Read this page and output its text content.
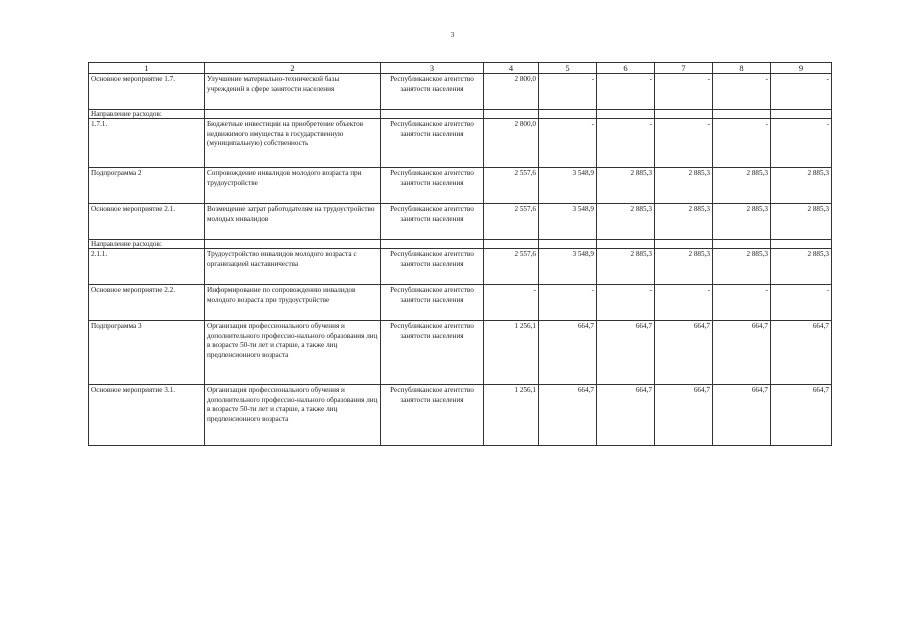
3
1	2	3	4	5	6	7	8	9
Основное мероприятие 1.7.	Улучшение материально-технической базы учреждений в сфере занятости населения	Республиканское агентство занятости населения	2 800,0	-	-	-	-	-
Направление расходов:								
1.7.1.	Бюджетные инвестиции на приобретение объектов недвижимого имущества в государственную (муниципальную) собственность	Республиканское агентство занятости населения	2 800,0	-	-	-	-	-
Подпрограмма 2	Сопровождение инвалидов молодого возраста при трудоустройстве	Республиканское агентство занятости населения	2 557,6	3 548,9	2 885,3	2 885,3	2 885,3	2 885,3
Основное мероприятие 2.1.	Возмещение затрат работодателям на трудоустройство молодых инвалидов	Республиканское агентство занятости населения	2 557,6	3 548,9	2 885,3	2 885,3	2 885,3	2 885,3
Направление расходов:								
2.1.1.	Трудоустройство инвалидов молодого возраста с организацией наставничества	Республиканское агентство занятости населения	2 557,6	3 548,9	2 885,3	2 885,3	2 885,3	2 885,3
Основное мероприятие 2.2.	Информирование по сопровождению инвалидов молодого возраста при трудоустройстве	Республиканское агентство занятости населения	-	-	-	-	-	-
Подпрограмма 3	Организация профессионального обучения и дополнительного профессио-нального образования лиц в возрасте 50-ти лет и старше, а также лиц предпенсионного возраста	Республиканское агентство занятости населения	1 256,1	664,7	664,7	664,7	664,7	664,7
Основное мероприятие 3.1.	Организация профессионального обучения и дополнительного профессио-нального образования лиц в возрасте 50-ти лет и старше, а также лиц предпенсионного возраста	Республиканское агентство занятости населения	1 256,1	664,7	664,7	664,7	664,7	664,7
